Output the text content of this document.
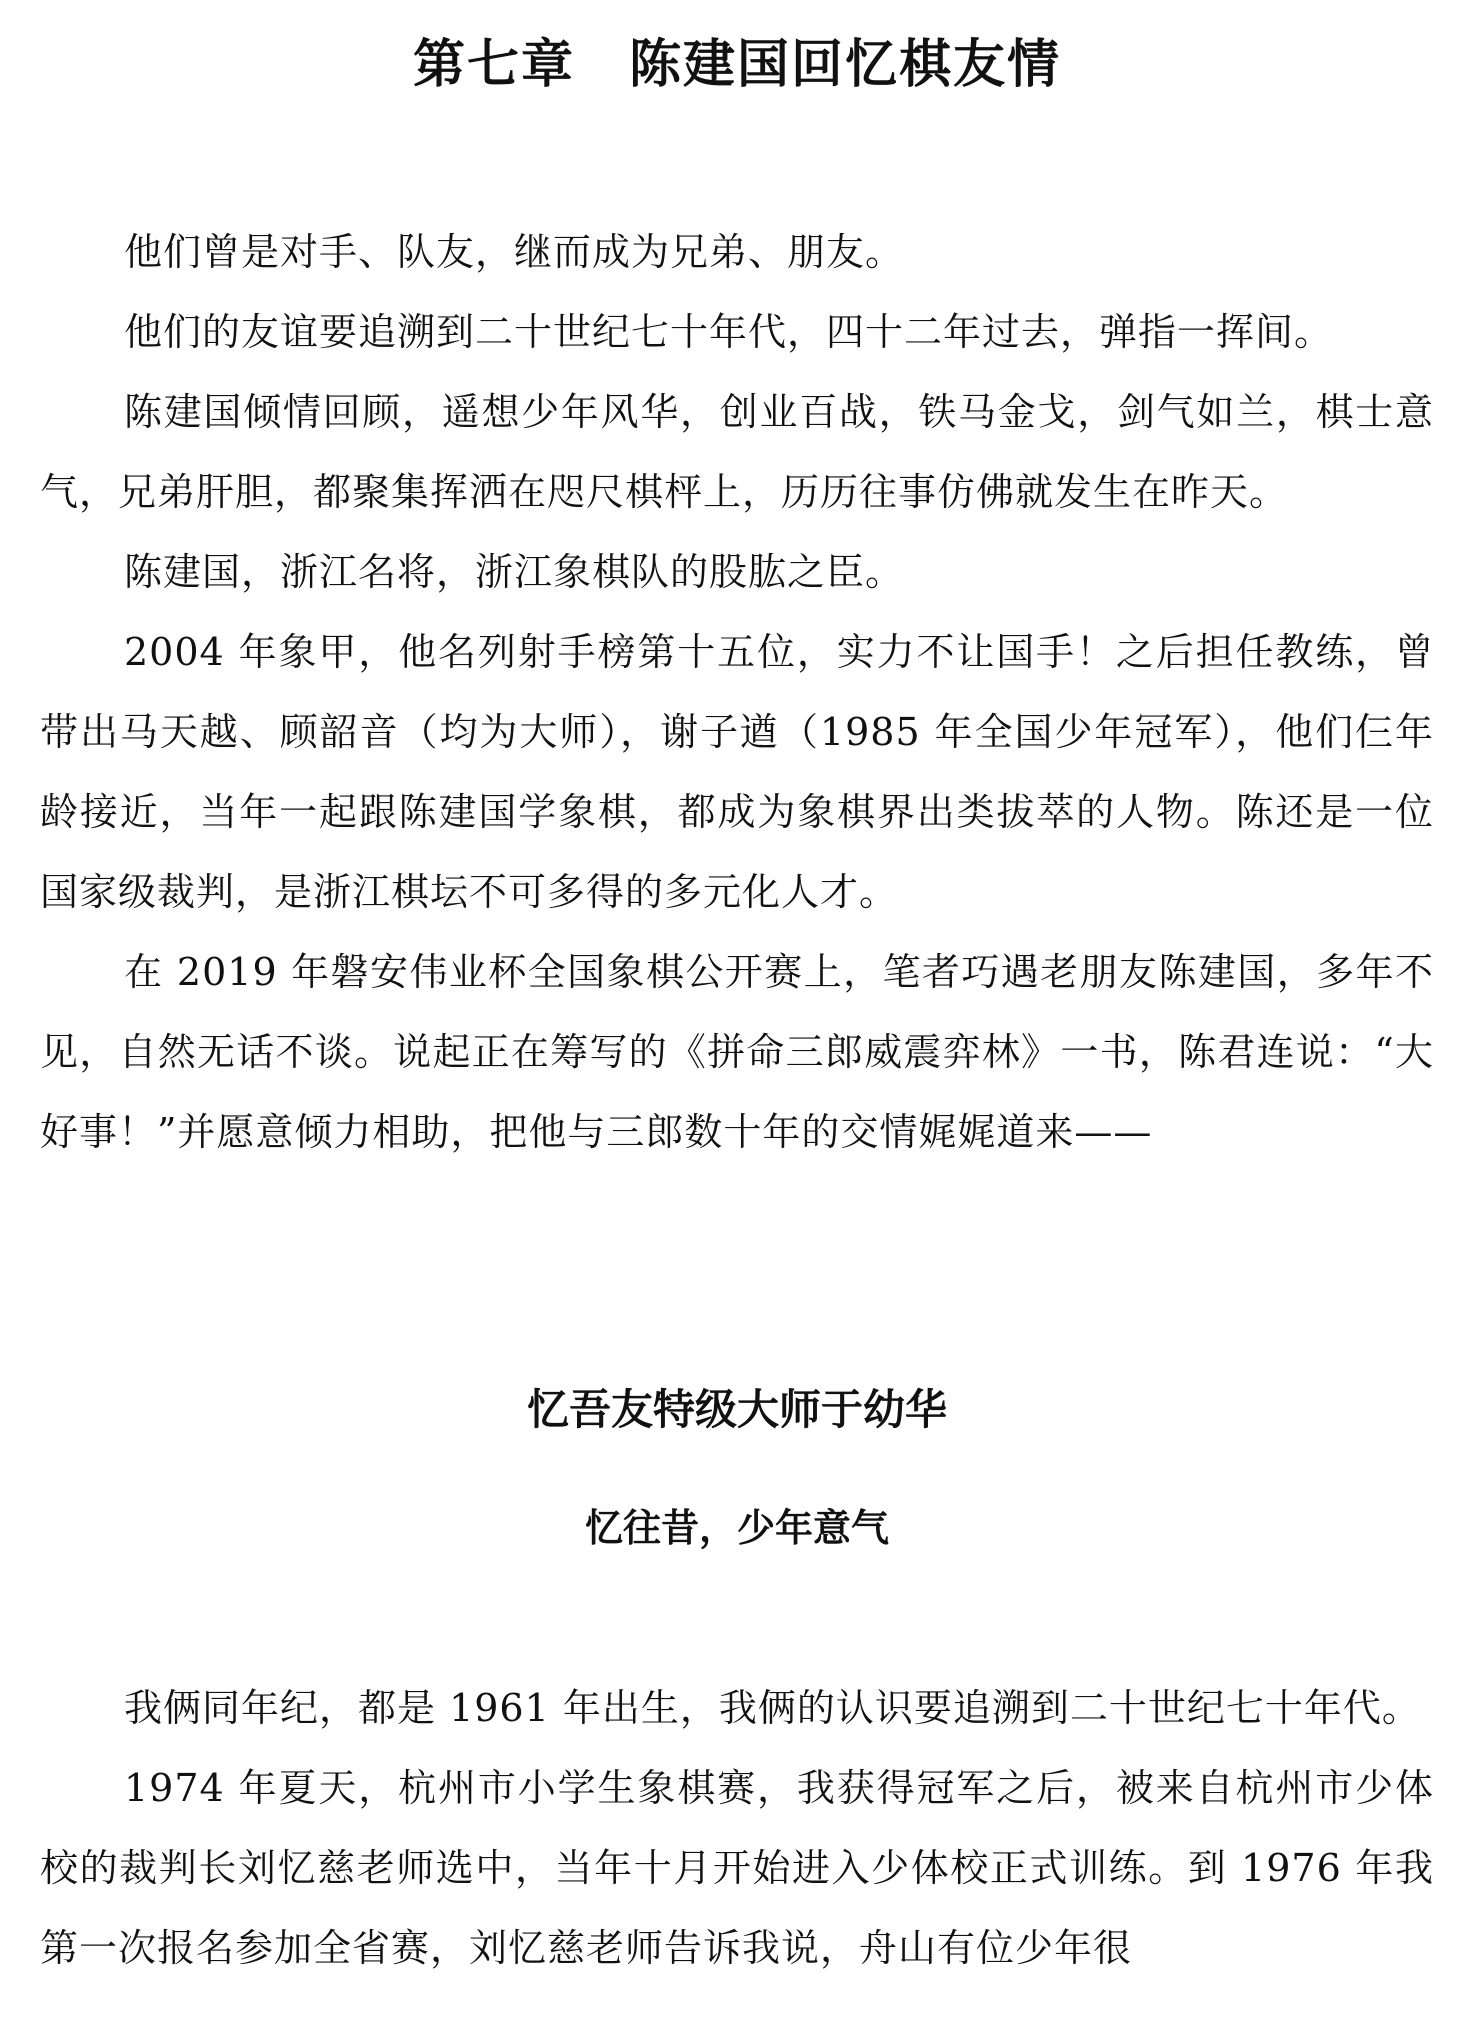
第七章　陈建国回忆棋友情

他们曾是对手、队友，继而成为兄弟、朋友。

他们的友谊要追溯到二十世纪七十年代，四十二年过去，弹指一挥间。

陈建国倾情回顾，遥想少年风华，创业百战，铁马金戈，剑气如兰，棋士意气，兄弟肝胆，都聚集挥洒在咫尺棋枰上，历历往事仿佛就发生在昨天。

陈建国，浙江名将，浙江象棋队的股肱之臣。

2004 年象甲，他名列射手榜第十五位，实力不让国手！之后担任教练，曾带出马天越、顾韶音（均为大师），谢子遒（1985 年全国少年冠军），他们仨年龄接近，当年一起跟陈建国学象棋，都成为象棋界出类拔萃的人物。陈还是一位国家级裁判，是浙江棋坛不可多得的多元化人才。

在 2019 年磐安伟业杯全国象棋公开赛上，笔者巧遇老朋友陈建国，多年不见，自然无话不谈。说起正在筹写的《拼命三郎威震弈林》一书，陈君连说：“大好事！”并愿意倾力相助，把他与三郎数十年的交情娓娓道来——

忆吾友特级大师于幼华
忆往昔，少年意气

我俩同年纪，都是 1961 年出生，我俩的认识要追溯到二十世纪七十年代。

1974 年夏天，杭州市小学生象棋赛，我获得冠军之后，被来自杭州市少体校的裁判长刘忆慈老师选中，当年十月开始进入少体校正式训练。到 1976 年我第一次报名参加全省赛，刘忆慈老师告诉我说，舟山有位少年很
